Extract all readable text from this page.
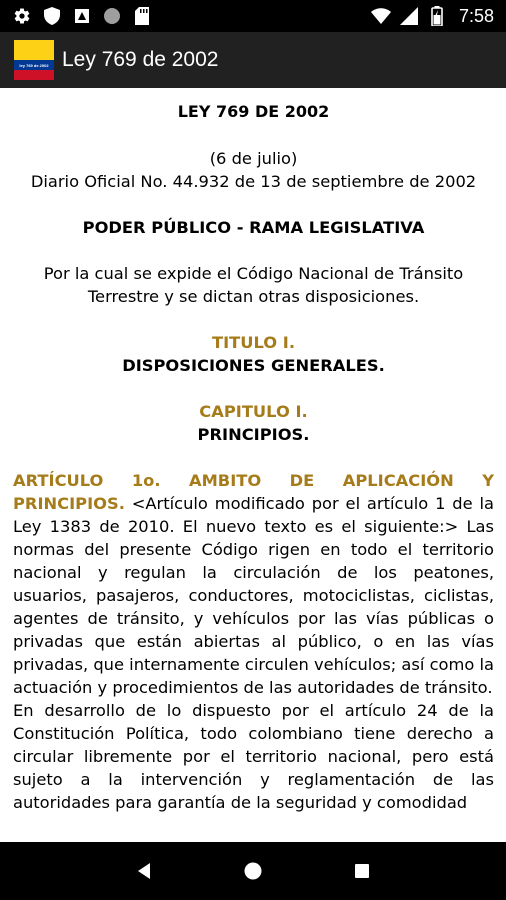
7:58
ley 769 de 2002 Ley 769 de 2002
LEY 769 DE 2002
(6 de julio)
Diario Oficial No. 44.932 de 13 de septiembre de 2002
PODER PÚBLICO - RAMA LEGISLATIVA
Por la cual se expide el Código Nacional de Tránsito
Terrestre y se dictan otras disposiciones.
TITULO I.
DISPOSICIONES GENERALES.
CAPITULO I.
PRINCIPIOS.
ARTÍCULO 1o. AMBITO DE APLICACIÓN Y PRINCIPIOS. <Artículo modificado por el artículo 1 de la Ley 1383 de 2010. El nuevo texto es el siguiente:> Las normas del presente Código rigen en todo el territorio nacional y regulan la circulación de los peatones, usuarios, pasajeros, conductores, motociclistas, ciclistas, agentes de tránsito, y vehículos por las vías públicas o privadas que están abiertas al público, o en las vías privadas, que internamente circulen vehículos; así como la actuación y procedimientos de las autoridades de tránsito.
En desarrollo de lo dispuesto por el artículo 24 de la Constitución Política, todo colombiano tiene derecho a circular libremente por el territorio nacional, pero está sujeto a la intervención y reglamentación de las autoridades para garantía de la seguridad y comodidad
